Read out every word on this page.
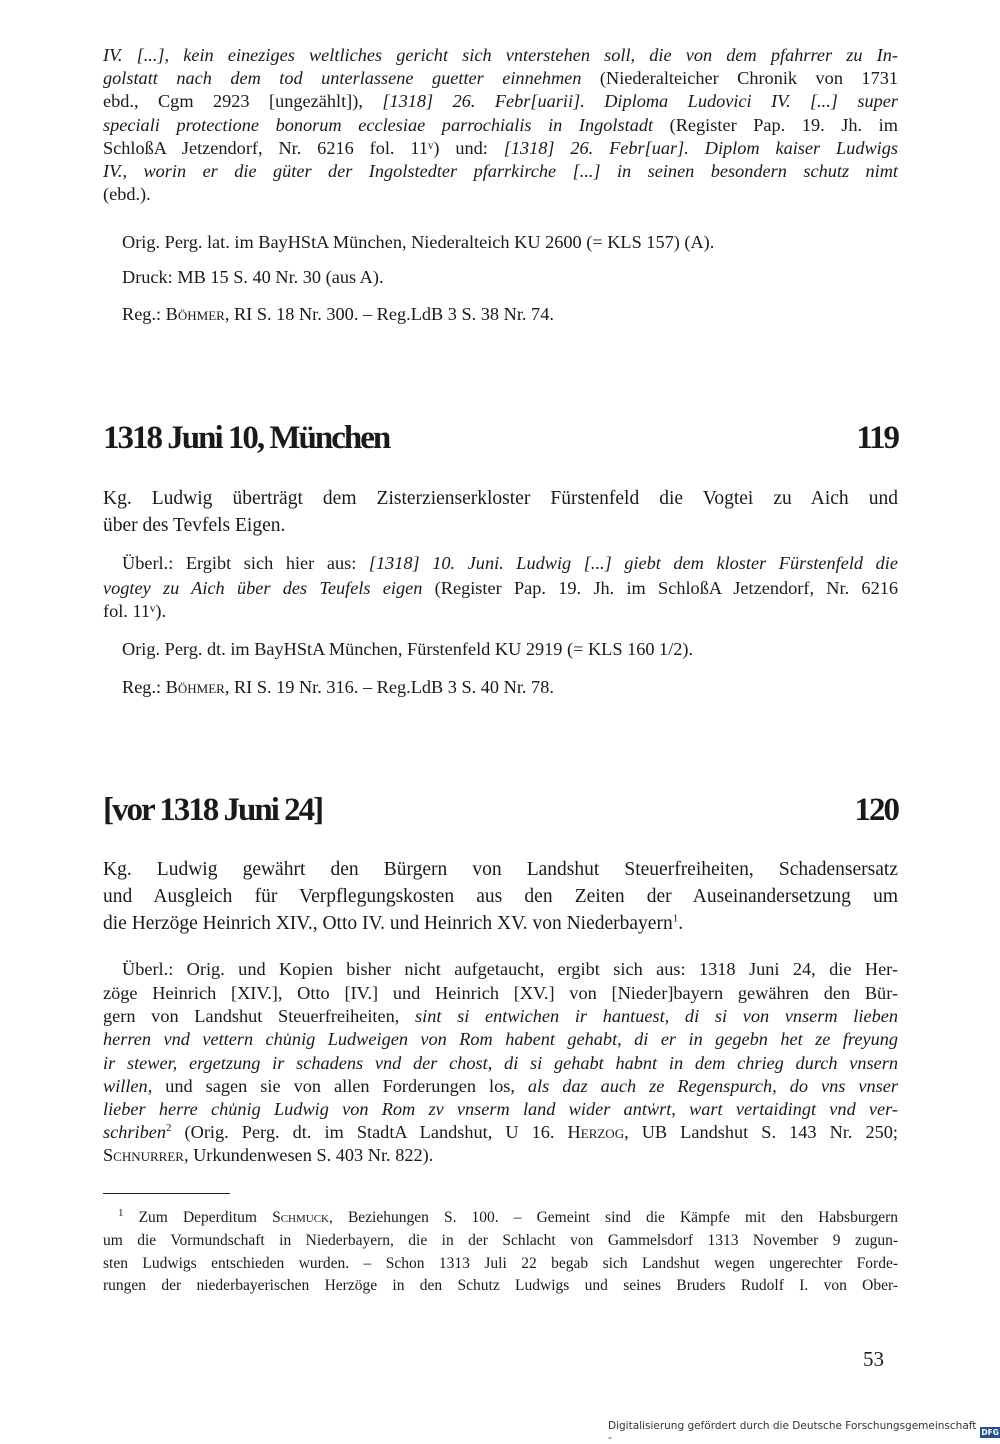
IV. [...], kein eineziges weltliches gericht sich vnterstehen soll, die von dem pfahrrer zu In-
golstatt nach dem tod unterlassene guetter einnehmen (Niederalteicher Chronik von 1731
ebd., Cgm 2923 [ungezählt]), [1318] 26. Febr[uarii]. Diploma Ludovici IV. [...] super
speciali protectione bonorum ecclesiae parrochialis in Ingolstadt (Register Pap. 19. Jh. im
SchloßA Jetzendorf, Nr. 6216 fol. 11ᵛ) und: [1318] 26. Febr[uar]. Diplom kaiser Ludwigs
IV., worin er die güter der Ingolstedter pfarrkirche [...] in seinen besondern schutz nimt
(ebd.).
Orig. Perg. lat. im BayHStA München, Niederalteich KU 2600 (= KLS 157) (A).
Druck: MB 15 S. 40 Nr. 30 (aus A).
Reg.: Böhmer, RI S. 18 Nr. 300. – Reg.LdB 3 S. 38 Nr. 74.
1318 Juni 10, München	119
Kg. Ludwig überträgt dem Zisterzienserkloster Fürstenfeld die Vogtei zu Aich und
über des Tevfels Eigen.
Überl.: Ergibt sich hier aus: [1318] 10. Juni. Ludwig [...] giebt dem kloster Fürstenfeld die
vogtey zu Aich über des Teufels eigen (Register Pap. 19. Jh. im SchloßA Jetzendorf, Nr. 6216
fol. 11ᵛ).
Orig. Perg. dt. im BayHStA München, Fürstenfeld KU 2919 (= KLS 160 1/2).
Reg.: Böhmer, RI S. 19 Nr. 316. – Reg.LdB 3 S. 40 Nr. 78.
[vor 1318 Juni 24]	120
Kg. Ludwig gewährt den Bürgern von Landshut Steuerfreiheiten, Schadensersatz
und Ausgleich für Verpflegungskosten aus den Zeiten der Auseinandersetzung um
die Herzöge Heinrich XIV., Otto IV. und Heinrich XV. von Niederbayern$^1$.
Überl.: Orig. und Kopien bisher nicht aufgetaucht, ergibt sich aus: 1318 Juni 24, die Her-
zöge Heinrich [XIV.], Otto [IV.] und Heinrich [XV.] von [Nieder]bayern gewähren den Bür-
gern von Landshut Steuerfreiheiten, sint si entwichen ir hantuest, di si von vnserm lieben
herren vnd vettern chu̍nig Ludweigen von Rom habent gehabt, di er in gegebn het ze freyung
ir stewer, ergetzung ir schadens vnd der chost, di si gehabt habnt in dem chrieg durch vnsern
willen, und sagen sie von allen Forderungen los, als daz auch ze Regenspurch, do vns vnser
lieber herre chu̍nig Ludwig von Rom zv vnserm land wider antw̍rt, wart vertaidingt vnd ver-
schriben$^2$ (Orig. Perg. dt. im StadtA Landshut, U 16. Herzog, UB Landshut S. 143 Nr. 250;
Schnurrer, Urkundenwesen S. 403 Nr. 822).
$^1$ Zum Deperditum Schmuck, Beziehungen S. 100. – Gemeint sind die Kämpfe mit den Habsburgern
um die Vormundschaft in Niederbayern, die in der Schlacht von Gammelsdorf 1313 November 9 zugun-
sten Ludwigs entschieden wurden. – Schon 1313 Juli 22 begab sich Landshut wegen ungerechter Forde-
rungen der niederbayerischen Herzöge in den Schutz Ludwigs und seines Bruders Rudolf I. von Ober-
53
Digitalisierung gefördert durch die Deutsche Forschungsgemeinschaft -	DFG
